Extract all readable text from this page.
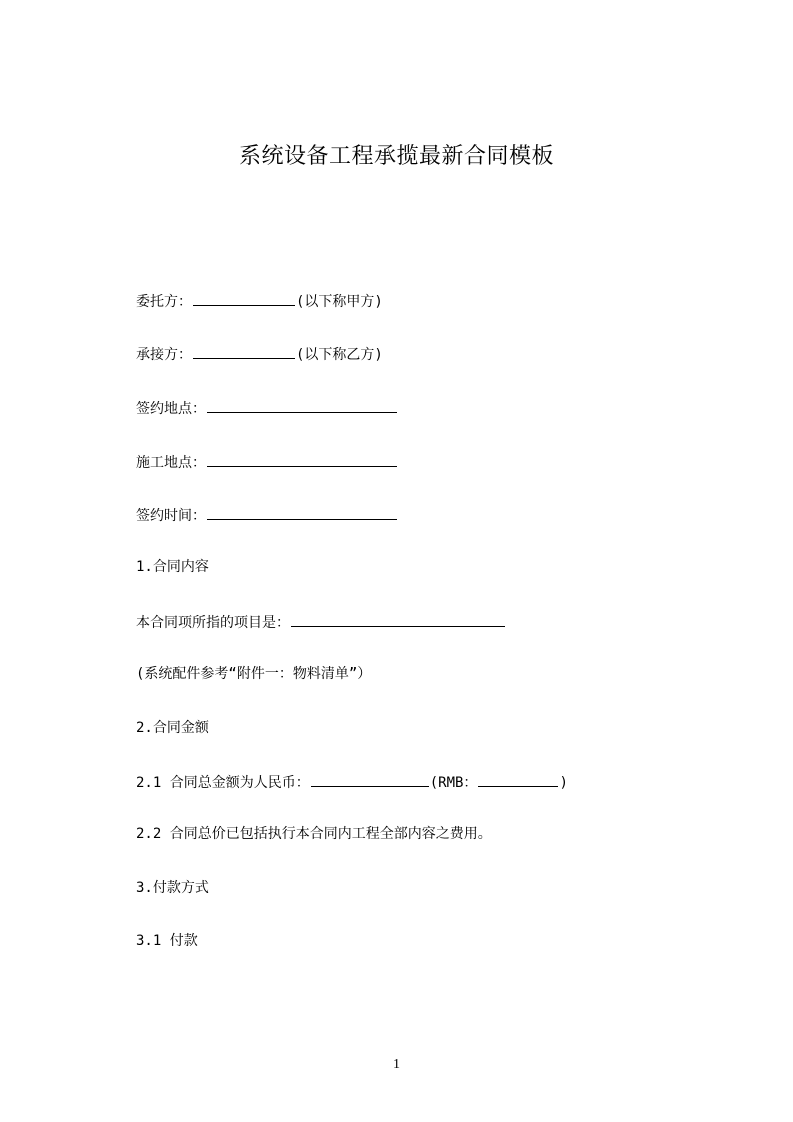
系统设备工程承揽最新合同模板
委托方：	(以下称甲方)
承接方：	(以下称乙方)
签约地点：
施工地点：
签约时间：
1.合同内容
本合同项所指的项目是：
(系统配件参考“附件一：物料清单”）
2.合同金额
2.1 合同总金额为人民币：	(RMB：	)
2.2 合同总价已包括执行本合同内工程全部内容之费用。
3.付款方式
3.1 付款
1
